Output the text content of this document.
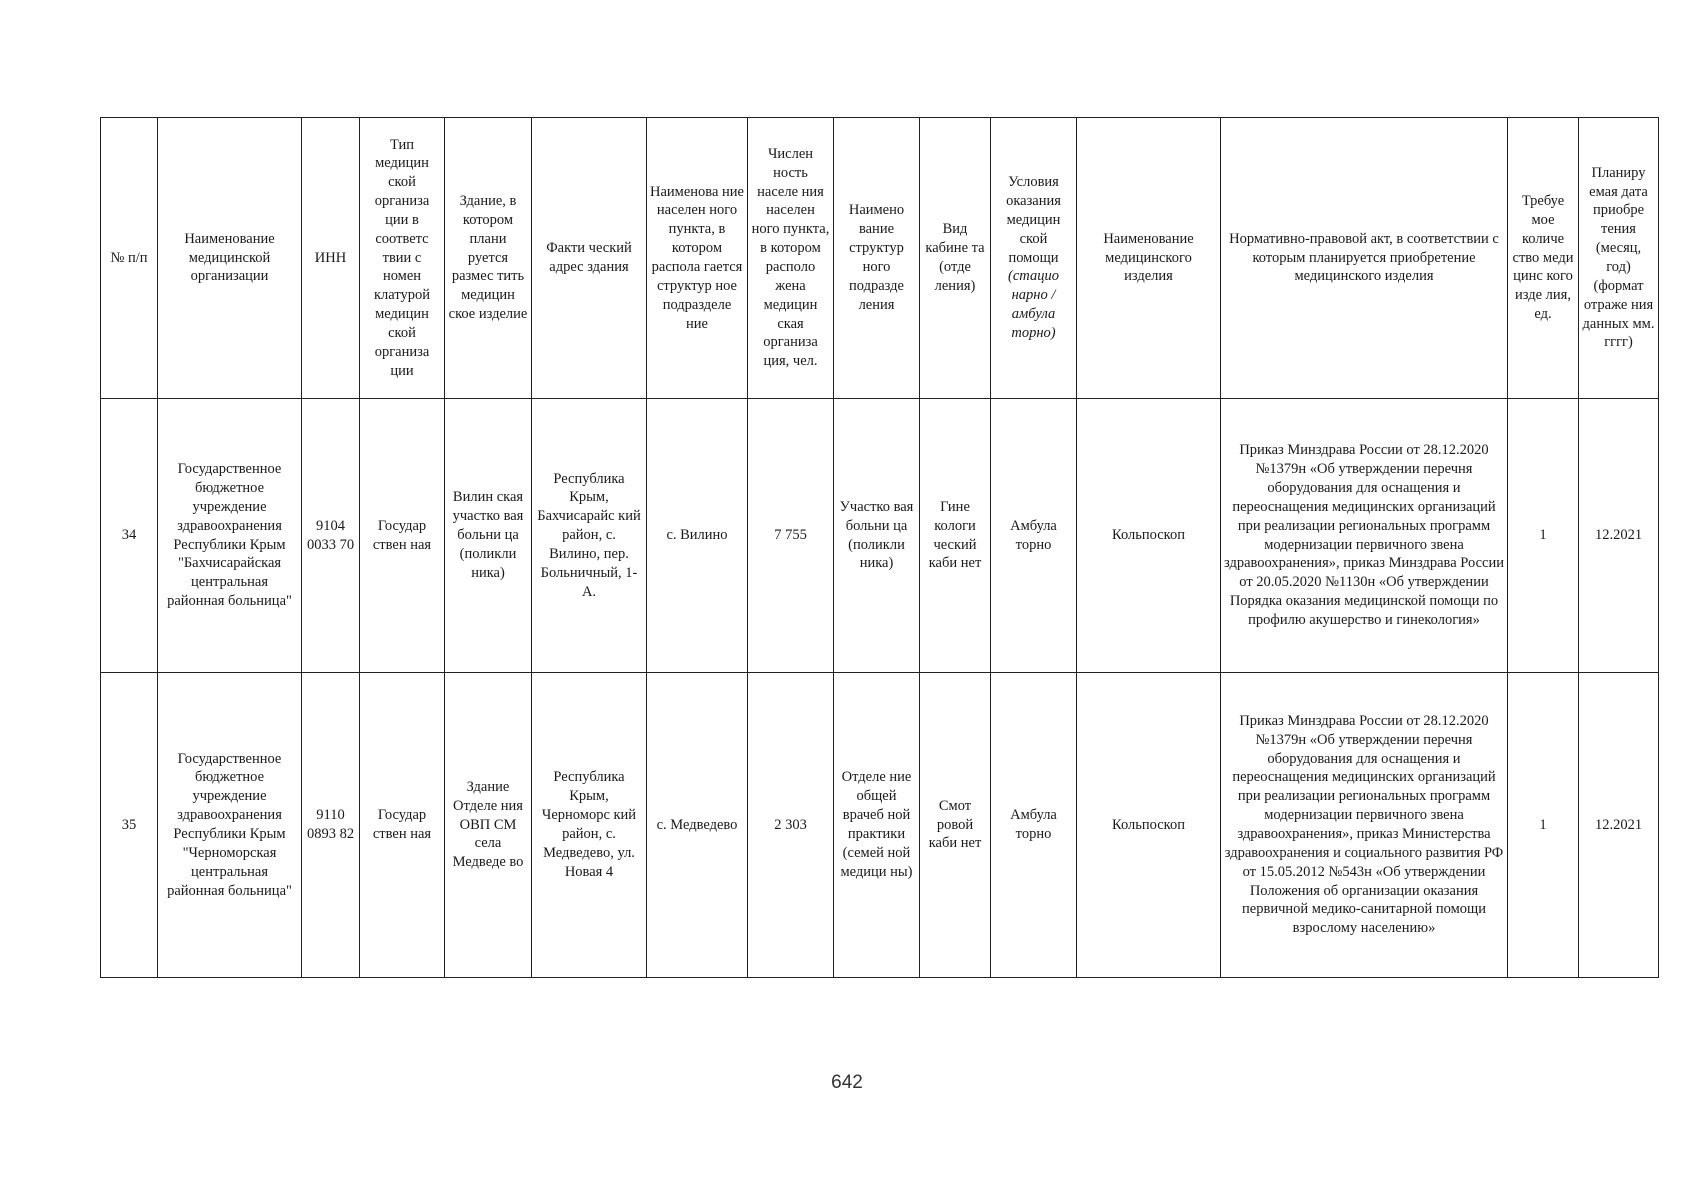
№ п/п	Наименование медицинской организации	ИНН	Тип медицин ской организа ции в соответс твии с номен клатурой медицин ской организа ции	Здание, в котором плани руется размес тить медицин ское изделие	Факти ческий адрес здания	Наименова ние населен ного пункта, в котором распола гается структур ное подразделе ние	Числен ность населе ния населен ного пункта, в котором располо жена медицин ская организа ция, чел.	Наимено вание структур ного подразде ления	Вид кабине та (отде ления)	Условия оказания медицин ской помощи (стацио нарно / амбула торно)	Наименование медицинского изделия	Нормативно-правовой акт, в соответствии с которым планируется приобретение медицинского изделия	Требуе мое количе ство меди цинс кого изде лия, ед.	Планиру емая дата приобре тения (месяц, год) (формат отраже ния данных мм. гггг)
34	Государственное бюджетное учреждение здравоохранения Республики Крым "Бахчисарайская центральная районная больница"	9104 0033 70	Государ ствен ная	Вилин ская участко вая больни ца (поликли ника)	Республика Крым, Бахчисарайс кий район, с. Вилино, пер. Больничный, 1-А.	с. Вилино	7 755	Участко вая больни ца (поликли ника)	Гине кологи ческий каби нет	Амбула торно	Кольпоскоп	Приказ Минздрава России от 28.12.2020 №1379н «Об утверждении перечня оборудования для оснащения и переоснащения медицинских организаций при реализации региональных программ модернизации первичного звена здравоохранения», приказ Минздрава России от 20.05.2020 №1130н «Об утверждении Порядка оказания медицинской помощи по профилю акушерство и гинекология»	1	12.2021
35	Государственное бюджетное учреждение здравоохранения Республики Крым "Черноморская центральная районная больница"	9110 0893 82	Государ ствен ная	Здание Отделе ния ОВП СМ села Медведе во	Республика Крым, Черноморс кий район, с. Медведево, ул. Новая 4	с. Медведево	2 303	Отделе ние общей врачеб ной практики (семей ной медици ны)	Смот ровой каби нет	Амбула торно	Кольпоскоп	Приказ Минздрава России от 28.12.2020 №1379н «Об утверждении перечня оборудования для оснащения и переоснащения медицинских организаций при реализации региональных программ модернизации первичного звена здравоохранения», приказ Министерства здравоохранения и социального развития РФ от 15.05.2012 №543н «Об утверждении Положения об организации оказания первичной медико-санитарной помощи взрослому населению»	1	12.2021
642
